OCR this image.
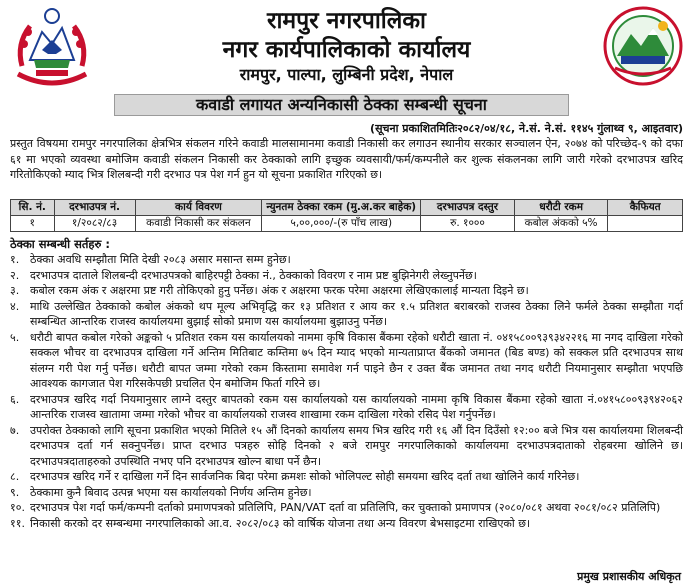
रामपुर नगरपालिका
नगर कार्यपालिकाको कार्यालय
रामपुर, पाल्पा, लुम्बिनी प्रदेश, नेपाल
कवाडी लगायत अन्यनिकासी ठेक्का सम्बन्धी सूचना
(सूचना प्रकाशितमितिः२०८२/०४/१८, ने.सं. ने.सं. ११४५ गुंलाथ्व ९, आइतवार)
प्रस्तुत विषयमा रामपुर नगरपालिका क्षेत्रभित्र संकलन गरिने कवाडी मालसामानमा कवाडी निकासी कर लगाउन स्थानीय सरकार सञ्चालन ऐन, २०७४ को परिच्छेद-९ को दफा ६१ मा भएको व्यवस्था बमोजिम कवाडी संकलन निकासी कर ठेक्काको लागि इच्छुक व्यवसायी/फर्म/कम्पनीले कर शुल्क संकलनका लागि जारी गरेको दरभाउपत्र खरिद गरितोकिएको म्याद भित्र शिलबन्दी गरी दरभाउ पत्र पेश गर्न हुन यो सूचना प्रकाशित गरिएको छ।
सि. नं.	दरभाउपत्र नं.	कार्य विवरण	न्युनतम ठेक्का रकम (मु.अ.कर बाहेक)	दरभाउपत्र दस्तुर	धरौटी रकम	कैफियत
१	१/२०८२/८३	कवाडी निकासी कर संकलन	५,००,०००/-(रु पाँच लाख)	रु. १०००	कबोल अंकको ५%	
ठेक्का सम्बन्धी सर्तहरु :
१. ठेक्का अवधि सम्झौता मिति देखी २०८३ असार मसान्त सम्म हुनेछ।
२. दरभाउपत्र दाताले शिलबन्दी दरभाउपत्रको बाहिरपट्टी ठेक्का नं., ठेक्काको विवरण र नाम प्रष्ट बुझिनेगरी लेख्नुपर्नेछ।
३. कबोल रकम अंक र अक्षरमा प्रष्ट गरी तोकिएको हुनु पर्नेछ। अंक र अक्षरमा फरक परेमा अक्षरमा लेखिएकालाई मान्यता दिइने छ।
४. माथि उल्लेखित ठेक्काको कबोल अंकको थप मूल्य अभिवृद्धि कर १३ प्रतिशत र आय कर १.५ प्रतिशत बराबरको राजस्व ठेक्का लिने फर्मले ठेक्का सम्झौता गर्दा सम्बन्धित आन्तरिक राजस्व कार्यालयमा बुझाई सोको प्रमाण यस कार्यालयमा बुझाउनु पर्नेछ।
५. धरौटी बापत कबोल गरेको अङ्कको ५ प्रतिशत रकम यस कार्यालयको नाममा कृषि विकास बैंकमा रहेको धरौटी खाता नं. ०४१५८००९३९३४२२१६ मा नगद दाखिला गरेको सक्कल भौचर वा दरभाउपत्र दाखिला गर्ने अन्तिम मितिबाट कम्तिमा ७५ दिन म्याद भएको मान्यताप्राप्त बैंकको जमानत (बिड बण्ड) को सक्कल प्रति दरभाउपत्र साथ संलग्न गरी पेश गर्नु पर्नेछ। धरौटी बापत जम्मा गरेको रकम किस्तामा समावेश गर्न पाइने छैन र उक्त बैंक जमानत तथा नगद धरौटी नियमानुसार सम्झौता भएपछि आवश्यक कागजात पेश गरिसकेपछी प्रचलित ऐन बमोजिम फिर्ता गरिने छ।
६. दरभाउपत्र खरिद गर्दा नियमानुसार लाग्ने दस्तुर बापतको रकम यस कार्यालयको यस कार्यालयको नाममा कृषि विकास बैंकमा रहेको खाता नं.०४१५८००९३९४२०६२ आन्तरिक राजस्व खातामा जम्मा गरेको भौचर वा कार्यालयको राजस्व शाखामा रकम दाखिला गरेको रसिद पेश गर्नुपर्नेछ।
७. उपरोक्त ठेक्काको लागि सूचना प्रकाशित भएको मितिले १५ औं दिनको कार्यालय समय भित्र खरिद गरी १६ औं दिन दिउँसो १२:०० बजे भित्र यस कार्यालयमा शिलबन्दी दरभाउपत्र दर्ता गर्न सक्नुपर्नेछ। प्राप्त दरभाउ पत्रहरु सोहि दिनको २ बजे रामपुर नगरपालिकाको कार्यालयमा दरभाउपत्रदाताको रोहबरमा खोलिने छ। दरभाउपत्रदाताहरुको उपस्थिति नभए पनि दरभाउपत्र खोल्न बाधा पर्ने छैन।
८. दरभाउपत्र खरिद गर्ने र दाखिला गर्ने दिन सार्वजनिक बिदा परेमा क्रमशः सोको भोलिपल्ट सोही समयमा खरिद दर्ता तथा खोलिने कार्य गरिनेछ।
९. ठेक्कामा कुनै बिवाद उत्पन्न भएमा यस कार्यालयको निर्णय अन्तिम हुनेछ।
१०. दरभाउपत्र पेश गर्दा फर्म/कम्पनी दर्ताको प्रमाणपत्रको प्रतिलिपि, PAN/VAT दर्ता वा प्रतिलिपि, कर चुक्ताको प्रमाणपत्र (२०८०/०८१ अथवा २०८१/०८२ प्रतिलिपि)
११. निकासी करको दर सम्बन्धमा नगरपालिकाको आ.व. २०८२/०८३ को वार्षिक योजना तथा अन्य विवरण बेभसाइटमा राखिएको छ।
प्रमुख प्रशासकीय अधिकृत
